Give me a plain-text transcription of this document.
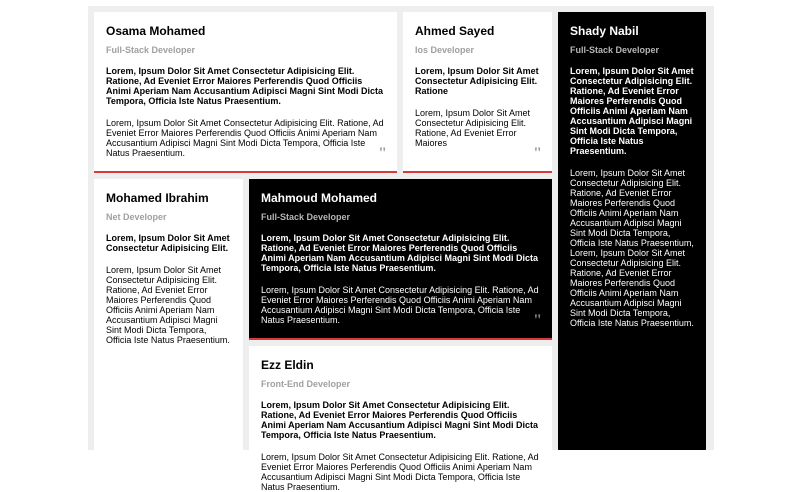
Osama Mohamed
Full-Stack Developer
Lorem, Ipsum Dolor Sit Amet Consectetur Adipisicing Elit. Ratione, Ad Eveniet Error Maiores Perferendis Quod Officiis Animi Aperiam Nam Accusantium Adipisci Magni Sint Modi Dicta Tempora, Officia Iste Natus Praesentium.
Lorem, Ipsum Dolor Sit Amet Consectetur Adipisicing Elit. Ratione, Ad Eveniet Error Maiores Perferendis Quod Officiis Animi Aperiam Nam Accusantium Adipisci Magni Sint Modi Dicta Tempora, Officia Iste Natus Praesentium.	"
Ahmed Sayed
Ios Developer
Lorem, Ipsum Dolor Sit Amet Consectetur Adipisicing Elit. Ratione
Lorem, Ipsum Dolor Sit Amet Consectetur Adipisicing Elit. Ratione, Ad Eveniet Error Maiores
"
Shady Nabil
Full-Stack Developer
Lorem, Ipsum Dolor Sit Amet Consectetur Adipisicing Elit. Ratione, Ad Eveniet Error Maiores Perferendis Quod Officiis Animi Aperiam Nam Accusantium Adipisci Magni Sint Modi Dicta Tempora, Officia Iste Natus Praesentium.
Lorem, Ipsum Dolor Sit Amet Consectetur Adipisicing Elit. Ratione, Ad Eveniet Error Maiores Perferendis Quod Officiis Animi Aperiam Nam Accusantium Adipisci Magni Sint Modi Dicta Tempora, Officia Iste Natus Praesentium, Lorem, Ipsum Dolor Sit Amet Consectetur Adipisicing Elit. Ratione, Ad Eveniet Error Maiores Perferendis Quod Officiis Animi Aperiam Nam Accusantium Adipisci Magni Sint Modi Dicta Tempora, Officia Iste Natus Praesentium.
Mohamed Ibrahim
Net Developer
Lorem, Ipsum Dolor Sit Amet Consectetur Adipisicing Elit.
Lorem, Ipsum Dolor Sit Amet Consectetur Adipisicing Elit. Ratione, Ad Eveniet Error Maiores Perferendis Quod Officiis Animi Aperiam Nam Accusantium Adipisci Magni Sint Modi Dicta Tempora, Officia Iste Natus Praesentium.
Mahmoud Mohamed
Full-Stack Developer
Lorem, Ipsum Dolor Sit Amet Consectetur Adipisicing Elit. Ratione, Ad Eveniet Error Maiores Perferendis Quod Officiis Animi Aperiam Nam Accusantium Adipisci Magni Sint Modi Dicta Tempora, Officia Iste Natus Praesentium.
Lorem, Ipsum Dolor Sit Amet Consectetur Adipisicing Elit. Ratione, Ad Eveniet Error Maiores Perferendis Quod Officiis Animi Aperiam Nam Accusantium Adipisci Magni Sint Modi Dicta Tempora, Officia Iste Natus Praesentium.	"
Ezz Eldin
Front-End Developer
Lorem, Ipsum Dolor Sit Amet Consectetur Adipisicing Elit. Ratione, Ad Eveniet Error Maiores Perferendis Quod Officiis Animi Aperiam Nam Accusantium Adipisci Magni Sint Modi Dicta Tempora, Officia Iste Natus Praesentium.
Lorem, Ipsum Dolor Sit Amet Consectetur Adipisicing Elit. Ratione, Ad Eveniet Error Maiores Perferendis Quod Officiis Animi Aperiam Nam Accusantium Adipisci Magni Sint Modi Dicta Tempora, Officia Iste Natus Praesentium.
